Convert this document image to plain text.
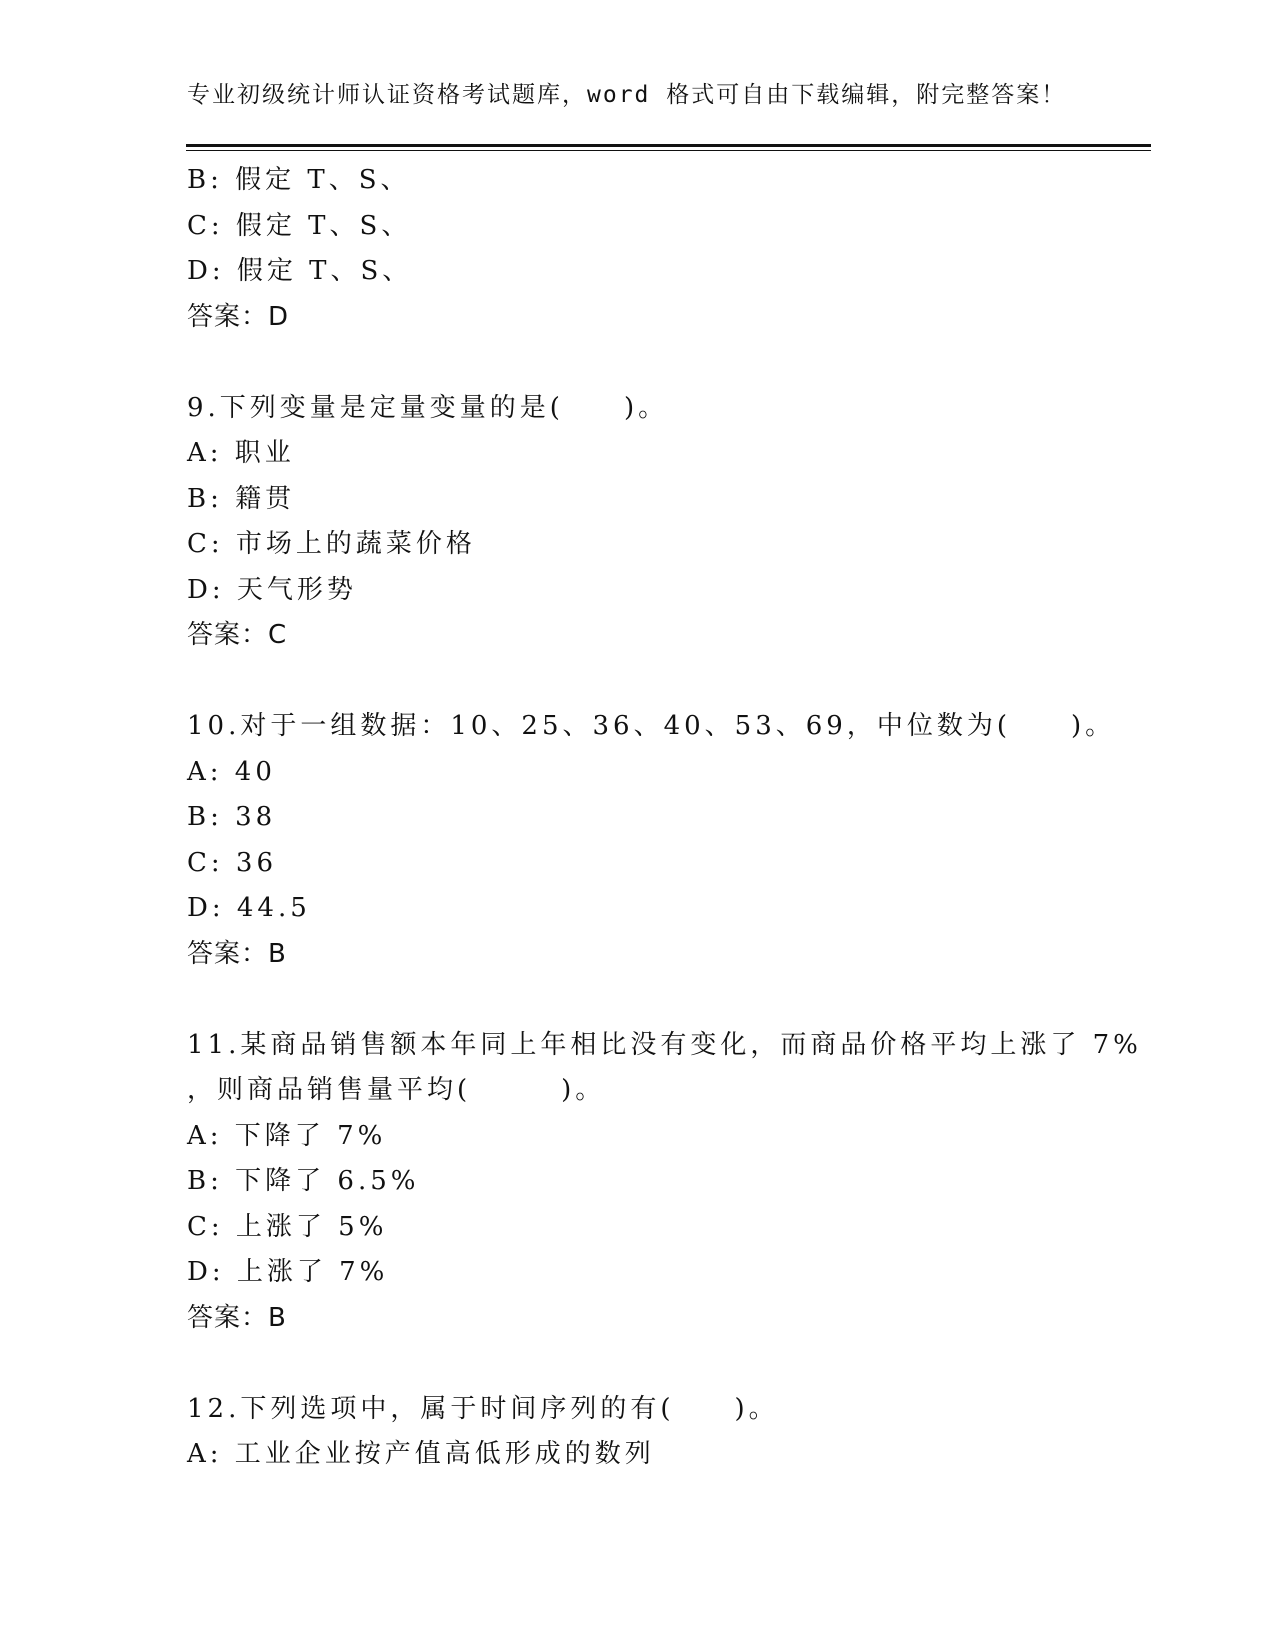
专业初级统计师认证资格考试题库，word 格式可自由下载编辑，附完整答案！
B: 假定 T、S、
C: 假定 T、S、
D: 假定 T、S、
答案：D
9.下列变量是定量变量的是(　　)。
A: 职业
B: 籍贯
C: 市场上的蔬菜价格
D: 天气形势
答案：C
10.对于一组数据：10、25、36、40、53、69，中位数为(　　)。
A: 40
B: 38
C: 36
D: 44.5
答案：B
11.某商品销售额本年同上年相比没有变化，而商品价格平均上涨了 7%
，则商品销售量平均(　　　)。
A: 下降了 7%
B: 下降了 6.5%
C: 上涨了 5%
D: 上涨了 7%
答案：B
12.下列选项中，属于时间序列的有(　　)。
A: 工业企业按产值高低形成的数列
